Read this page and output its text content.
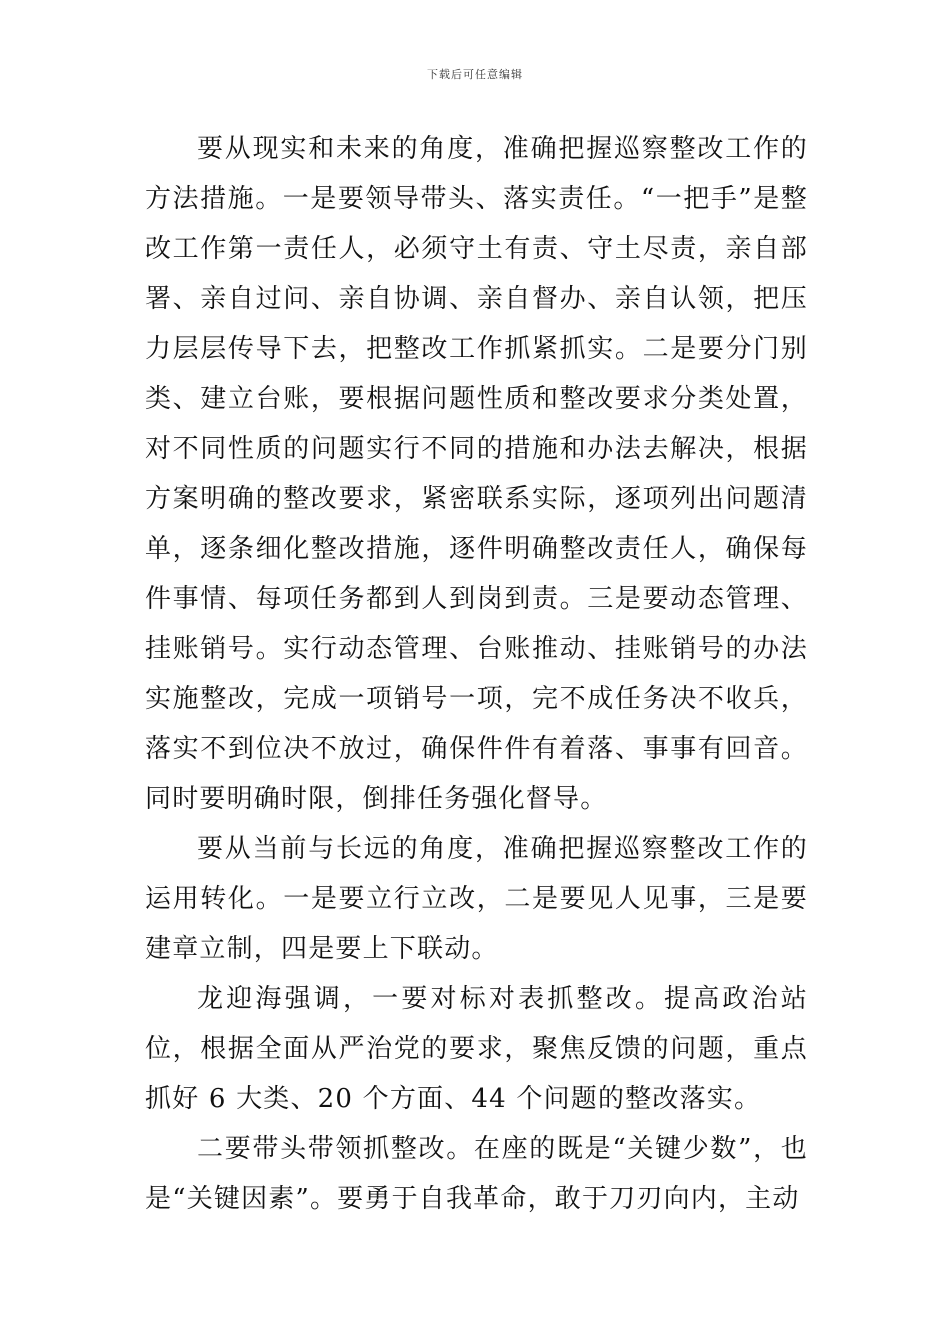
下载后可任意编辑

要从现实和未来的角度，准确把握巡察整改工作的方法措施。一是要领导带头、落实责任。“一把手”是整改工作第一责任人，必须守土有责、守土尽责，亲自部署、亲自过问、亲自协调、亲自督办、亲自认领，把压力层层传导下去，把整改工作抓紧抓实。二是要分门别类、建立台账，要根据问题性质和整改要求分类处置，对不同性质的问题实行不同的措施和办法去解决，根据方案明确的整改要求，紧密联系实际，逐项列出问题清单，逐条细化整改措施，逐件明确整改责任人，确保每件事情、每项任务都到人到岗到责。三是要动态管理、挂账销号。实行动态管理、台账推动、挂账销号的办法实施整改，完成一项销号一项，完不成任务决不收兵，落实不到位决不放过，确保件件有着落、事事有回音。同时要明确时限，倒排任务强化督导。

要从当前与长远的角度，准确把握巡察整改工作的运用转化。一是要立行立改，二是要见人见事，三是要建章立制，四是要上下联动。

龙迎海强调，一要对标对表抓整改。提高政治站位，根据全面从严治党的要求，聚焦反馈的问题，重点抓好 6 大类、20 个方面、44 个问题的整改落实。

二要带头带领抓整改。在座的既是“关键少数”，也是“关键因素”。要勇于自我革命，敢于刀刃向内，主动
